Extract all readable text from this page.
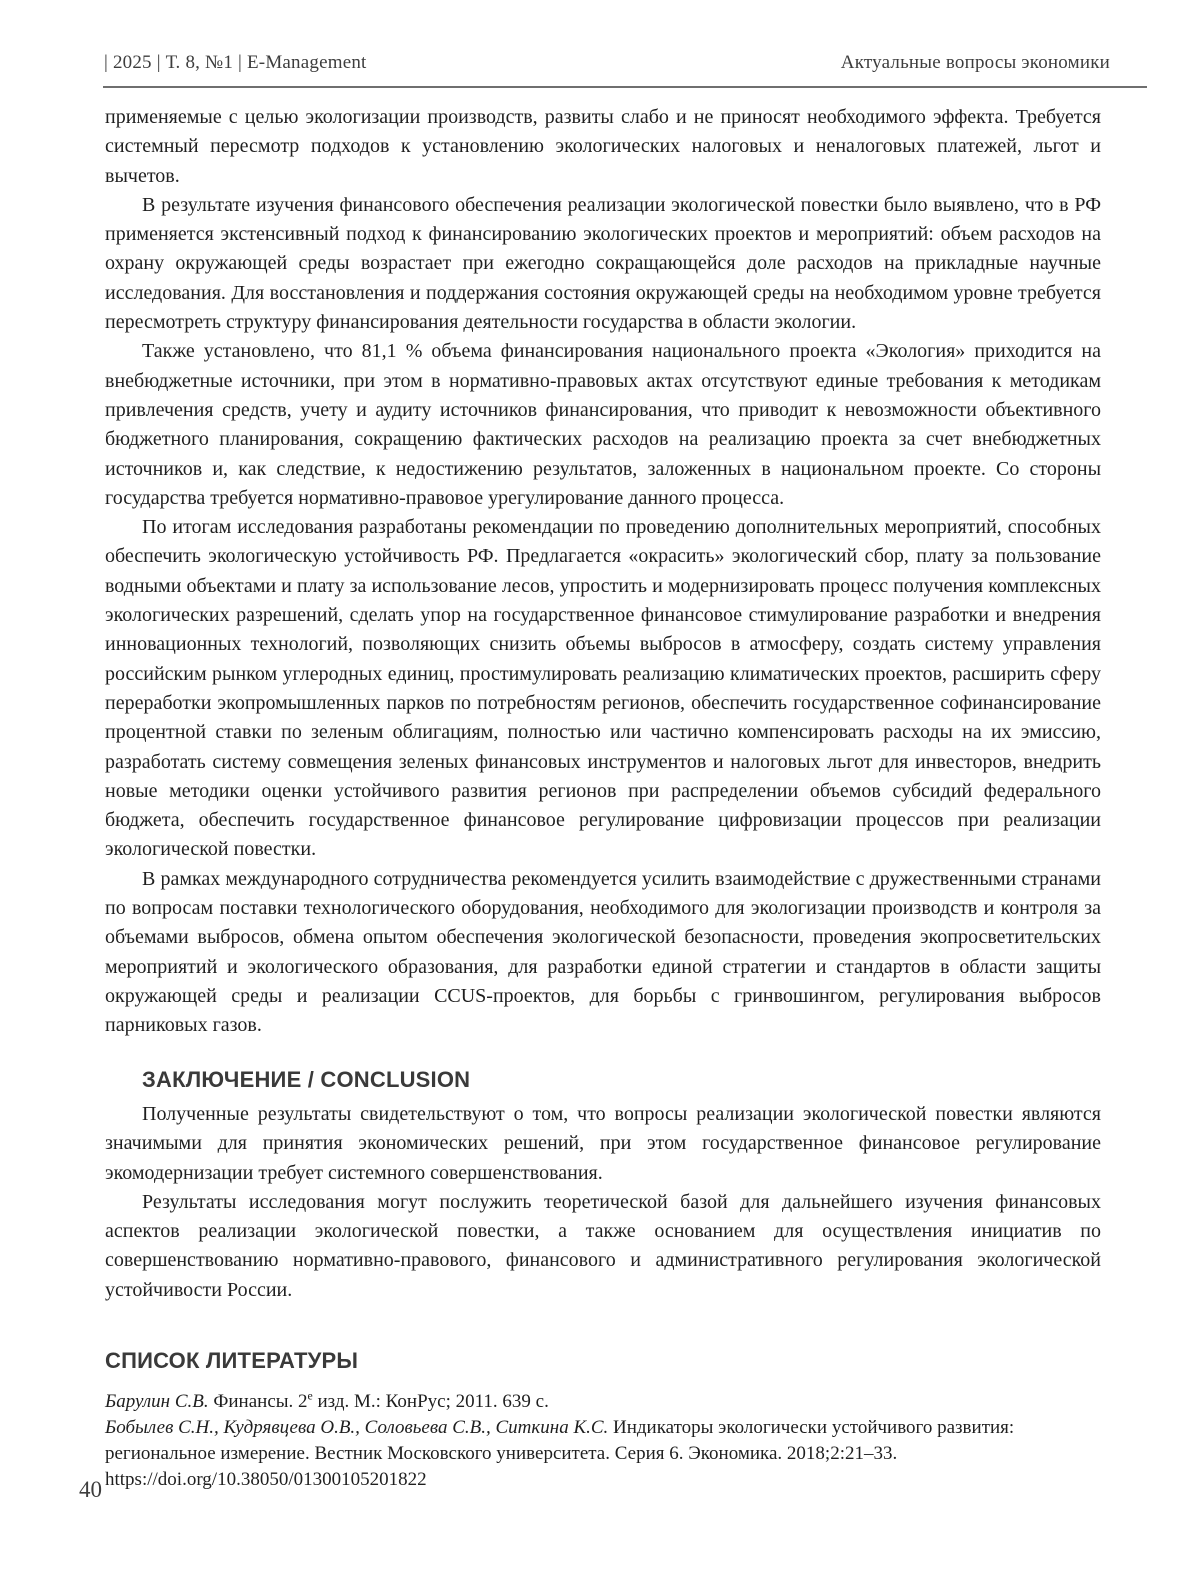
| 2025 | Т. 8, №1 | E-Management	Актуальные вопросы экономики

применяемые с целью экологизации производств, развиты слабо и не приносят необходимого эффекта. Требуется системный пересмотр подходов к установлению экологических налоговых и неналоговых платежей, льгот и вычетов.

В результате изучения финансового обеспечения реализации экологической повестки было выявлено, что в РФ применяется экстенсивный подход к финансированию экологических проектов и мероприятий: объем расходов на охрану окружающей среды возрастает при ежегодно сокращающейся доле расходов на прикладные научные исследования. Для восстановления и поддержания состояния окружающей среды на необходимом уровне требуется пересмотреть структуру финансирования деятельности государства в области экологии.

Также установлено, что 81,1 % объема финансирования национального проекта «Экология» приходится на внебюджетные источники, при этом в нормативно-правовых актах отсутствуют единые требования к методикам привлечения средств, учету и аудиту источников финансирования, что приводит к невозможности объективного бюджетного планирования, сокращению фактических расходов на реализацию проекта за счет внебюджетных источников и, как следствие, к недостижению результатов, заложенных в национальном проекте. Со стороны государства требуется нормативно-правовое урегулирование данного процесса.

По итогам исследования разработаны рекомендации по проведению дополнительных мероприятий, способных обеспечить экологическую устойчивость РФ. Предлагается «окрасить» экологический сбор, плату за пользование водными объектами и плату за использование лесов, упростить и модернизировать процесс получения комплексных экологических разрешений, сделать упор на государственное финансовое стимулирование разработки и внедрения инновационных технологий, позволяющих снизить объемы выбросов в атмосферу, создать систему управления российским рынком углеродных единиц, простимулировать реализацию климатических проектов, расширить сферу переработки экопромышленных парков по потребностям регионов, обеспечить государственное софинансирование процентной ставки по зеленым облигациям, полностью или частично компенсировать расходы на их эмиссию, разработать систему совмещения зеленых финансовых инструментов и налоговых льгот для инвесторов, внедрить новые методики оценки устойчивого развития регионов при распределении объемов субсидий федерального бюджета, обеспечить государственное финансовое регулирование цифровизации процессов при реализации экологической повестки.

В рамках международного сотрудничества рекомендуется усилить взаимодействие с дружественными странами по вопросам поставки технологического оборудования, необходимого для экологизации производств и контроля за объемами выбросов, обмена опытом обеспечения экологической безопасности, проведения экопросветительских мероприятий и экологического образования, для разработки единой стратегии и стандартов в области защиты окружающей среды и реализации CCUS-проектов, для борьбы с гринвошингом, регулирования выбросов парниковых газов.

ЗАКЛЮЧЕНИЕ / CONCLUSION

Полученные результаты свидетельствуют о том, что вопросы реализации экологической повестки являются значимыми для принятия экономических решений, при этом государственное финансовое регулирование экомодернизации требует системного совершенствования.

Результаты исследования могут послужить теоретической базой для дальнейшего изучения финансовых аспектов реализации экологической повестки, а также основанием для осуществления инициатив по совершенствованию нормативно-правового, финансового и административного регулирования экологической устойчивости России.

СПИСОК ЛИТЕРАТУРЫ

Барулин С.В. Финансы. $2^е$ изд. М.: КонРус; 2011. 639 с.

Бобылев С.Н., Кудрявцева О.В., Соловьева С.В., Ситкина К.С. Индикаторы экологически устойчивого развития: региональное измерение. Вестник Московского университета. Серия 6. Экономика. 2018;2:21–33. https://doi.org/10.38050/01300105201822

40
